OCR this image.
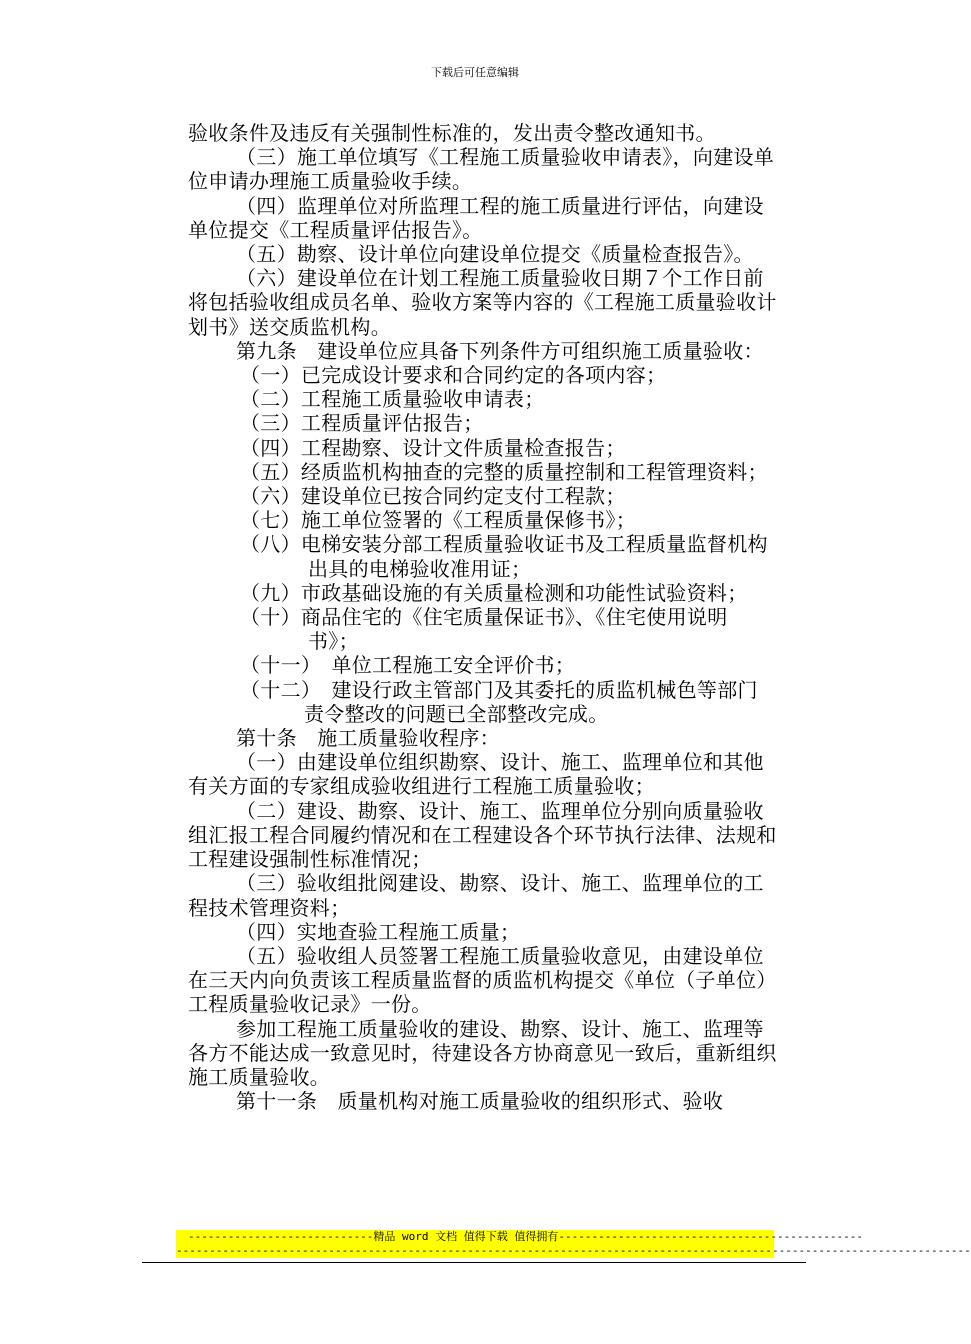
下载后可任意编辑

验收条件及违反有关强制性标准的，发出责令整改通知书。

（三）施工单位填写《工程施工质量验收申请表》，向建设单位申请办理施工质量验收手续。

（四）监理单位对所监理工程的施工质量进行评估，向建设单位提交《工程质量评估报告》。

（五）勘察、设计单位向建设单位提交《质量检查报告》。

（六）建设单位在计划工程施工质量验收日期７个工作日前将包括验收组成员名单、验收方案等内容的《工程施工质量验收计划书》送交质监机构。

第九条　建设单位应具备下列条件方可组织施工质量验收：

（一）已完成设计要求和合同约定的各项内容；

（二）工程施工质量验收申请表；

（三）工程质量评估报告；

（四）工程勘察、设计文件质量检查报告；

（五）经质监机构抽查的完整的质量控制和工程管理资料；

（六）建设单位已按合同约定支付工程款；

（七）施工单位签署的《工程质量保修书》；

（八）电梯安装分部工程质量验收证书及工程质量监督机构出具的电梯验收准用证；

（九）市政基础设施的有关质量检测和功能性试验资料；

（十）商品住宅的《住宅质量保证书》、《住宅使用说明书》；

（十一）　单位工程施工安全评价书；

（十二）　建设行政主管部门及其委托的质监机械色等部门责令整改的问题已全部整改完成。

第十条　施工质量验收程序：

（一）由建设单位组织勘察、设计、施工、监理单位和其他有关方面的专家组成验收组进行工程施工质量验收；

（二）建设、勘察、设计、施工、监理单位分别向质量验收组汇报工程合同履约情况和在工程建设各个环节执行法律、法规和工程建设强制性标准情况；

（三）验收组批阅建设、勘察、设计、施工、监理单位的工程技术管理资料；

（四）实地查验工程施工质量；

（五）验收组人员签署工程施工质量验收意见，由建设单位在三天内向负责该工程质量监督的质监机构提交《单位（子单位）工程质量验收记录》一份。

参加工程施工质量验收的建设、勘察、设计、施工、监理等各方不能达成一致意见时，待建设各方协商意见一致后，重新组织施工质量验收。

第十一条　质量机构对施工质量验收的组织形式、验收

----------------------------精品 word 文档 值得下载 值得拥有----------------------------------------------
------------------------------------------------------------------------------------------------------------------------
